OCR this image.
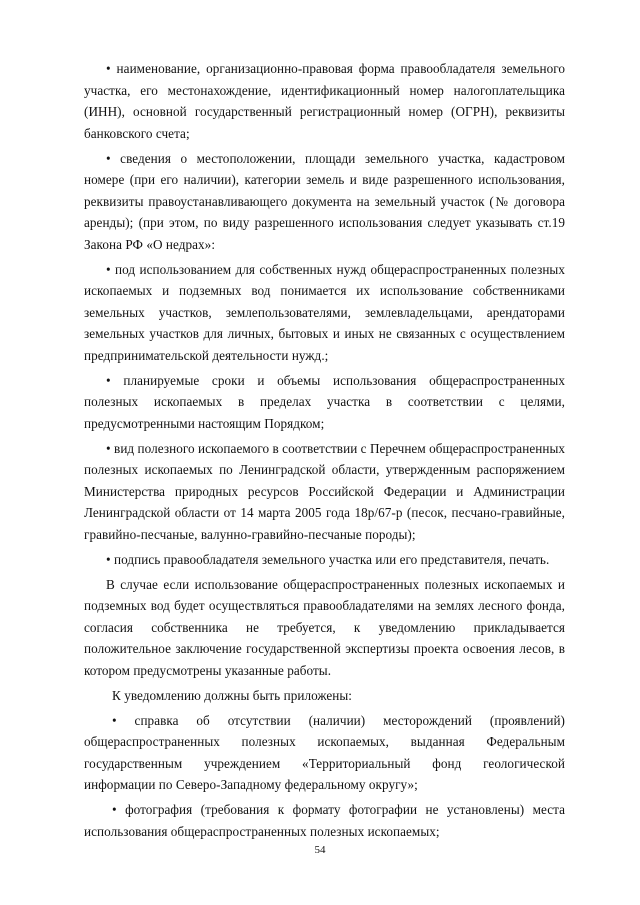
• наименование, организационно-правовая форма правообладателя земельного участка, его местонахождение, идентификационный номер налогоплательщика (ИНН), основной государственный регистрационный номер (ОГРН), реквизиты банковского счета;

• сведения о местоположении, площади земельного участка, кадастровом номере (при его наличии), категории земель и виде разрешенного использования, реквизиты правоустанавливающего документа на земельный участок (№ договора аренды); (при этом, по виду разрешенного использования следует указывать ст.19 Закона РФ «О недрах»:

• под использованием для собственных нужд общераспространенных полезных ископаемых и подземных вод понимается их использование собственниками земельных участков, землепользователями, землевладельцами, арендаторами земельных участков для личных, бытовых и иных не связанных с осуществлением предпринимательской деятельности нужд.;

• планируемые сроки и объемы использования общераспространенных полезных ископаемых в пределах участка в соответствии с целями, предусмотренными настоящим Порядком;

• вид полезного ископаемого в соответствии с Перечнем общераспространенных полезных ископаемых по Ленинградской области, утвержденным распоряжением Министерства природных ресурсов Российской Федерации и Администрации Ленинградской области от 14 марта 2005 года 18р/67-р (песок, песчано-гравийные, гравийно-песчаные, валунно-гравийно-песчаные породы);

• подпись правообладателя земельного участка или его представителя, печать.

В случае если использование общераспространенных полезных ископаемых и подземных вод будет осуществляться правообладателями на землях лесного фонда, согласия собственника не требуется, к уведомлению прикладывается положительное заключение государственной экспертизы проекта освоения лесов, в котором предусмотрены указанные работы.

К уведомлению должны быть приложены:

• справка об отсутствии (наличии) месторождений (проявлений) общераспространенных полезных ископаемых, выданная Федеральным государственным учреждением «Территориальный фонд геологической информации по Северо-Западному федеральному округу»;

• фотография (требования к формату фотографии не установлены) места использования общераспространенных полезных ископаемых;

54
